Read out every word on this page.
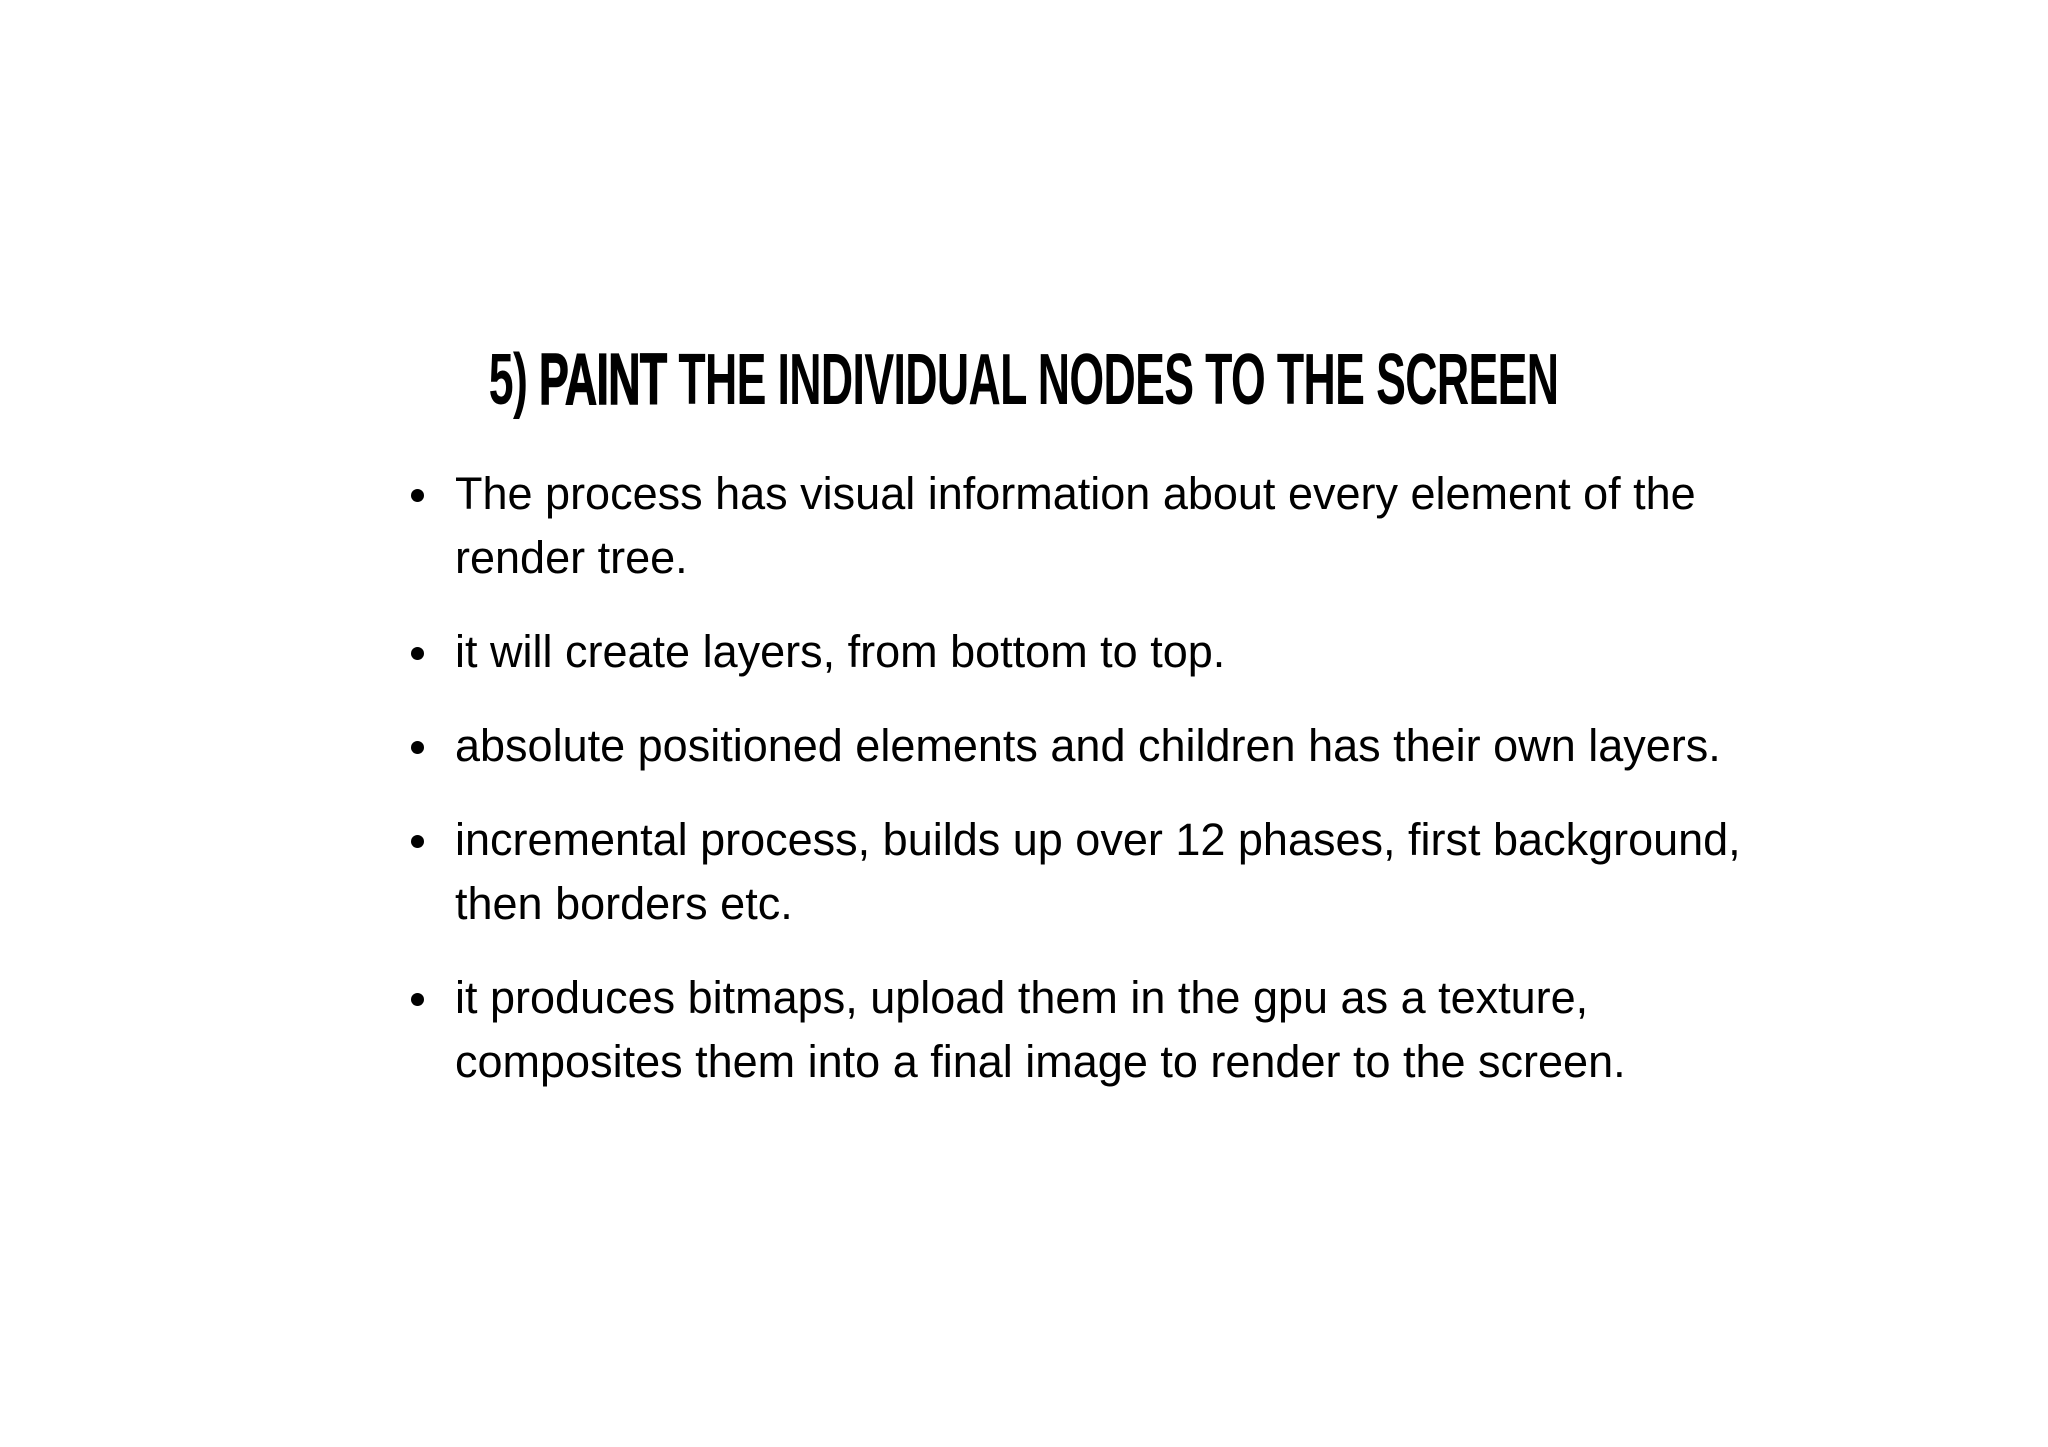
5) PAINT THE INDIVIDUAL NODES TO THE SCREEN
The process has visual information about every element of the render tree.
it will create layers, from bottom to top.
absolute positioned elements and children has their own layers.
incremental process, builds up over 12 phases, first background, then borders etc.
it produces bitmaps, upload them in the gpu as a texture, composites them into a final image to render to the screen.
